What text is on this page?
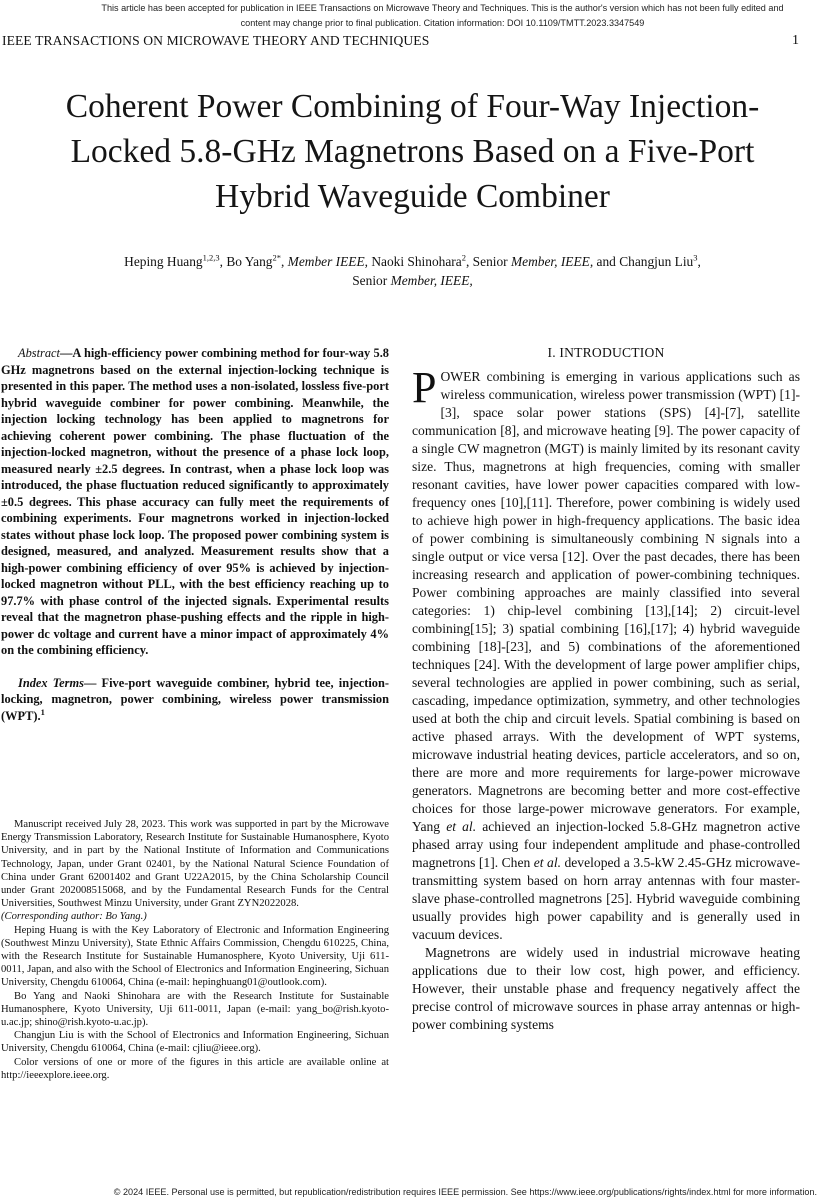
This article has been accepted for publication in IEEE Transactions on Microwave Theory and Techniques. This is the author's version which has not been fully edited and
content may change prior to final publication. Citation information: DOI 10.1109/TMTT.2023.3347549
IEEE TRANSACTIONS ON MICROWAVE THEORY AND TECHNIQUES	1
Coherent Power Combining of Four-Way Injection-
Locked 5.8-GHz Magnetrons Based on a Five-Port
Hybrid Waveguide Combiner
Heping Huang$^{1,2,3}$, Bo Yang$^{2*}$, Member IEEE, Naoki Shinohara$^2$, Senior Member, IEEE, and Changjun Liu$^3$,
Senior Member, IEEE,

Abstract—A high-efficiency power combining method for four-way 5.8 GHz magnetrons based on the external injection-locking technique is presented in this paper. The method uses a non-isolated, lossless five-port hybrid waveguide combiner for power combining. Meanwhile, the injection locking technology has been applied to magnetrons for achieving coherent power combining. The phase fluctuation of the injection-locked magnetron, without the presence of a phase lock loop, measured nearly ±2.5 degrees. In contrast, when a phase lock loop was introduced, the phase fluctuation reduced significantly to approximately ±0.5 degrees. This phase accuracy can fully meet the requirements of combining experiments. Four magnetrons worked in injection-locked states without phase lock loop. The proposed power combining system is designed, measured, and analyzed. Measurement results show that a high-power combining efficiency of over 95% is achieved by injection-locked magnetron without PLL, with the best efficiency reaching up to 97.7% with phase control of the injected signals. Experimental results reveal that the magnetron phase-pushing effects and the ripple in high-power dc voltage and current have a minor impact of approximately 4% on the combining efficiency.

Index Terms— Five-port waveguide combiner, hybrid tee, injection-locking, magnetron, power combining, wireless power transmission (WPT).$^1$

Manuscript received July 28, 2023. This work was supported in part by the Microwave Energy Transmission Laboratory, Research Institute for Sustainable Humanosphere, Kyoto University, and in part by the National Institute of Information and Communications Technology, Japan, under Grant 02401, by the National Natural Science Foundation of China under Grant 62001402 and Grant U22A2015, by the China Scholarship Council under Grant 202008515068, and by the Fundamental Research Funds for the Central Universities, Southwest Minzu University, under Grant ZYN2022028.
(Corresponding author: Bo Yang.)

Heping Huang is with the Key Laboratory of Electronic and Information Engineering (Southwest Minzu University), State Ethnic Affairs Commission, Chengdu 610225, China, with the Research Institute for Sustainable Humanosphere, Kyoto University, Uji 611-0011, Japan, and also with the School of Electronics and Information Engineering, Sichuan University, Chengdu 610064, China (e-mail: hepinghuang01@outlook.com).

Bo Yang and Naoki Shinohara are with the Research Institute for Sustainable Humanosphere, Kyoto University, Uji 611-0011, Japan (e-mail: yang_bo@rish.kyoto-u.ac.jp; shino@rish.kyoto-u.ac.jp).

Changjun Liu is with the School of Electronics and Information Engineering, Sichuan University, Chengdu 610064, China (e-mail: cjliu@ieee.org).

Color versions of one or more of the figures in this article are available online at http://ieeexplore.ieee.org.

I. INTRODUCTION

POWER combining is emerging in various applications such as wireless communication, wireless power transmission (WPT) [1]-[3], space solar power stations (SPS) [4]-[7], satellite communication [8], and microwave heating [9]. The power capacity of a single CW magnetron (MGT) is mainly limited by its resonant cavity size. Thus, magnetrons at high frequencies, coming with smaller resonant cavities, have lower power capacities compared with low-frequency ones [10],[11]. Therefore, power combining is widely used to achieve high power in high-frequency applications. The basic idea of power combining is simultaneously combining N signals into a single output or vice versa [12]. Over the past decades, there has been increasing research and application of power-combining techniques. Power combining approaches are mainly classified into several categories: 1) chip-level combining [13],[14]; 2) circuit-level combining[15]; 3) spatial combining [16],[17]; 4) hybrid waveguide combining [18]-[23], and 5) combinations of the aforementioned techniques [24]. With the development of large power amplifier chips, several technologies are applied in power combining, such as serial, cascading, impedance optimization, symmetry, and other technologies used at both the chip and circuit levels. Spatial combining is based on active phased arrays. With the development of WPT systems, microwave industrial heating devices, particle accelerators, and so on, there are more and more requirements for large-power microwave generators. Magnetrons are becoming better and more cost-effective choices for those large-power microwave generators. For example, Yang et al. achieved an injection-locked 5.8-GHz magnetron active phased array using four independent amplitude and phase-controlled magnetrons [1]. Chen et al. developed a 3.5-kW 2.45-GHz microwave- transmitting system based on horn array antennas with four master-slave phase-controlled magnetrons [25]. Hybrid waveguide combining usually provides high power capability and is generally used in vacuum devices.

Magnetrons are widely used in industrial microwave heating applications due to their low cost, high power, and efficiency. However, their unstable phase and frequency negatively affect the precise control of microwave sources in phase array antennas or high-power combining systems

© 2024 IEEE. Personal use is permitted, but republication/redistribution requires IEEE permission. See https://www.ieee.org/publications/rights/index.html for more information.
